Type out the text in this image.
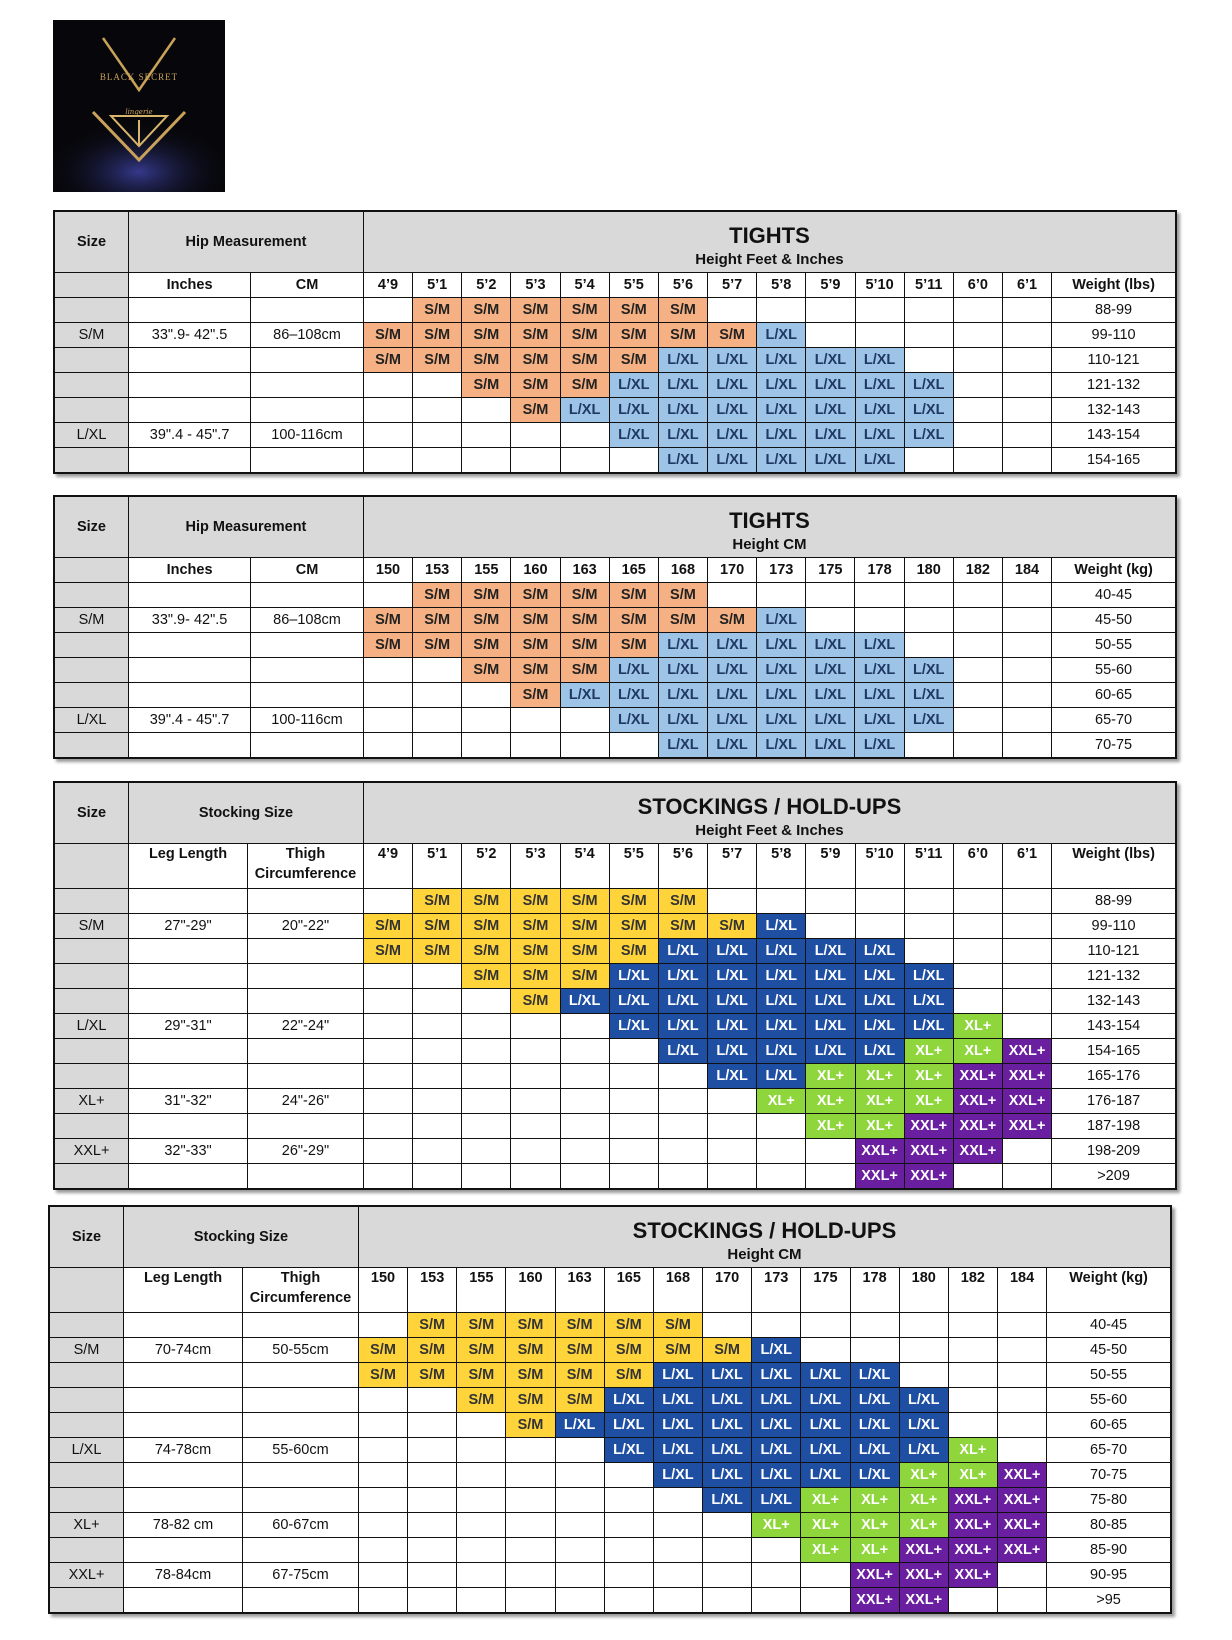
BLACK SECRET
lingerie
Size	Hip Measurement		TIGHTS
Height Feet & Inches														

	Inches	CM	4’9	5’1	5’2	5’3	5’4	5’5	5’6	5’7	5’8	5’9	5’10	5’11	6’0	6’1	Weight (lbs)
				S/M	S/M	S/M	S/M	S/M	S/M								88-99
S/M	33".9- 42".5	86–108cm	S/M	S/M	S/M	S/M	S/M	S/M	S/M	S/M	L/XL						99-110
			S/M	S/M	S/M	S/M	S/M	S/M	L/XL	L/XL	L/XL	L/XL	L/XL				110-121
					S/M	S/M	S/M	L/XL	L/XL	L/XL	L/XL	L/XL	L/XL	L/XL			121-132
						S/M	L/XL	L/XL	L/XL	L/XL	L/XL	L/XL	L/XL	L/XL			132-143
L/XL	39".4 - 45".7	100-116cm						L/XL	L/XL	L/XL	L/XL	L/XL	L/XL	L/XL			143-154
									L/XL	L/XL	L/XL	L/XL	L/XL				154-165
Size	Hip Measurement		TIGHTS
Height CM														

	Inches	CM	150	153	155	160	163	165	168	170	173	175	178	180	182	184	Weight (kg)
				S/M	S/M	S/M	S/M	S/M	S/M								40-45
S/M	33".9- 42".5	86–108cm	S/M	S/M	S/M	S/M	S/M	S/M	S/M	S/M	L/XL						45-50
			S/M	S/M	S/M	S/M	S/M	S/M	L/XL	L/XL	L/XL	L/XL	L/XL				50-55
					S/M	S/M	S/M	L/XL	L/XL	L/XL	L/XL	L/XL	L/XL	L/XL			55-60
						S/M	L/XL	L/XL	L/XL	L/XL	L/XL	L/XL	L/XL	L/XL			60-65
L/XL	39".4 - 45".7	100-116cm						L/XL	L/XL	L/XL	L/XL	L/XL	L/XL	L/XL			65-70
									L/XL	L/XL	L/XL	L/XL	L/XL				70-75
Size	Stocking Size		STOCKINGS / HOLD-UPS
Height Feet & Inches														

	Leg Length	Thigh Circumference	4’9	5’1	5’2	5’3	5’4	5’5	5’6	5’7	5’8	5’9	5’10	5’11	6’0	6’1	Weight (lbs)
				S/M	S/M	S/M	S/M	S/M	S/M								88-99
S/M	27"-29"	20"-22"	S/M	S/M	S/M	S/M	S/M	S/M	S/M	S/M	L/XL						99-110
			S/M	S/M	S/M	S/M	S/M	S/M	L/XL	L/XL	L/XL	L/XL	L/XL				110-121
					S/M	S/M	S/M	L/XL	L/XL	L/XL	L/XL	L/XL	L/XL	L/XL			121-132
						S/M	L/XL	L/XL	L/XL	L/XL	L/XL	L/XL	L/XL	L/XL			132-143
L/XL	29"-31"	22"-24"						L/XL	L/XL	L/XL	L/XL	L/XL	L/XL	L/XL	XL+		143-154
									L/XL	L/XL	L/XL	L/XL	L/XL	XL+	XL+	XXL+	154-165
										L/XL	L/XL	XL+	XL+	XL+	XXL+	XXL+	165-176
XL+	31"-32"	24"-26"									XL+	XL+	XL+	XL+	XXL+	XXL+	176-187
												XL+	XL+	XXL+	XXL+	XXL+	187-198
XXL+	32"-33"	26"-29"											XXL+	XXL+	XXL+		198-209
													XXL+	XXL+			>209
Size	Stocking Size		STOCKINGS / HOLD-UPS
Height CM														

	Leg Length	Thigh Circumference	150	153	155	160	163	165	168	170	173	175	178	180	182	184	Weight (kg)
				S/M	S/M	S/M	S/M	S/M	S/M								40-45
S/M	70-74cm	50-55cm	S/M	S/M	S/M	S/M	S/M	S/M	S/M	S/M	L/XL						45-50
			S/M	S/M	S/M	S/M	S/M	S/M	L/XL	L/XL	L/XL	L/XL	L/XL				50-55
					S/M	S/M	S/M	L/XL	L/XL	L/XL	L/XL	L/XL	L/XL	L/XL			55-60
						S/M	L/XL	L/XL	L/XL	L/XL	L/XL	L/XL	L/XL	L/XL			60-65
L/XL	74-78cm	55-60cm						L/XL	L/XL	L/XL	L/XL	L/XL	L/XL	L/XL	XL+		65-70
									L/XL	L/XL	L/XL	L/XL	L/XL	XL+	XL+	XXL+	70-75
										L/XL	L/XL	XL+	XL+	XL+	XXL+	XXL+	75-80
XL+	78-82 cm	60-67cm									XL+	XL+	XL+	XL+	XXL+	XXL+	80-85
												XL+	XL+	XXL+	XXL+	XXL+	85-90
XXL+	78-84cm	67-75cm											XXL+	XXL+	XXL+		90-95
													XXL+	XXL+			>95
